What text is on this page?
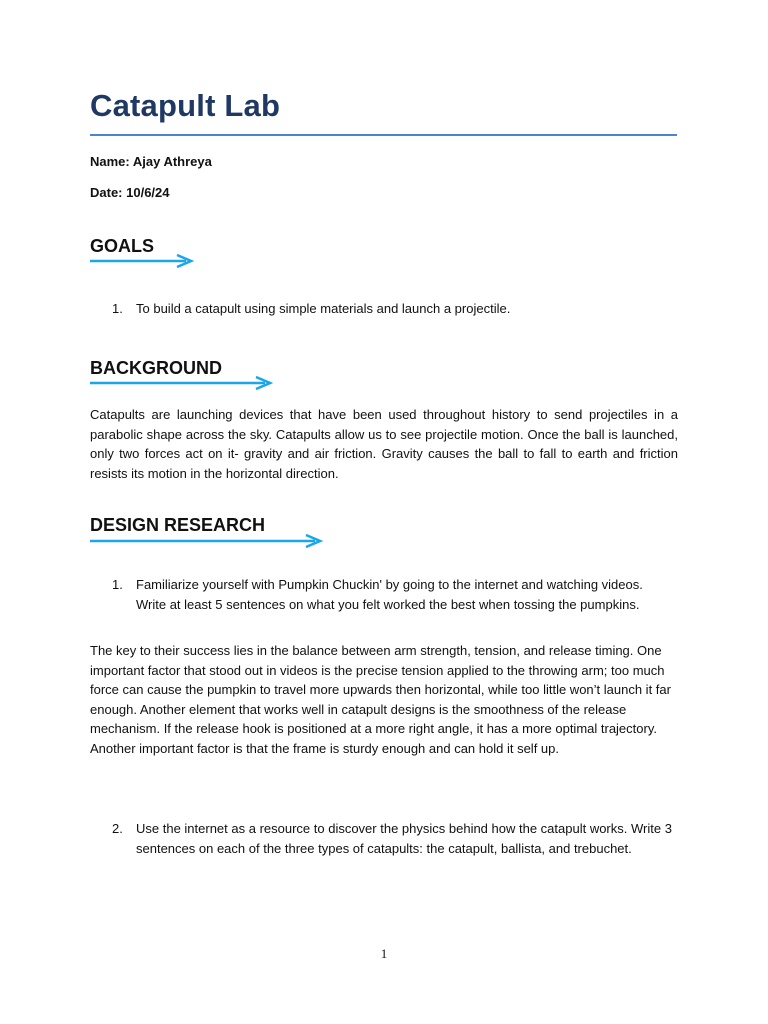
Catapult Lab
Name: Ajay Athreya
Date: 10/6/24
GOALS
1. To build a catapult using simple materials and launch a projectile.
BACKGROUND

Catapults are launching devices that have been used throughout history to send projectiles in a parabolic shape across the sky. Catapults allow us to see projectile motion. Once the ball is launched, only two forces act on it- gravity and air friction. Gravity causes the ball to fall to earth and friction resists its motion in the horizontal direction.

DESIGN RESEARCH
1. Familiarize yourself with Pumpkin Chuckin' by going to the internet and watching videos. Write at least 5 sentences on what you felt worked the best when tossing the pumpkins.

The key to their success lies in the balance between arm strength, tension, and release timing. One important factor that stood out in videos is the precise tension applied to the throwing arm; too much force can cause the pumpkin to travel more upwards then horizontal, while too little won’t launch it far enough. Another element that works well in catapult designs is the smoothness of the release mechanism. If the release hook is positioned at a more right angle, it has a more optimal trajectory. Another important factor is that the frame is sturdy enough and can hold it self up.

2. Use the internet as a resource to discover the physics behind how the catapult works. Write 3 sentences on each of the three types of catapults: the catapult, ballista, and trebuchet.
1
